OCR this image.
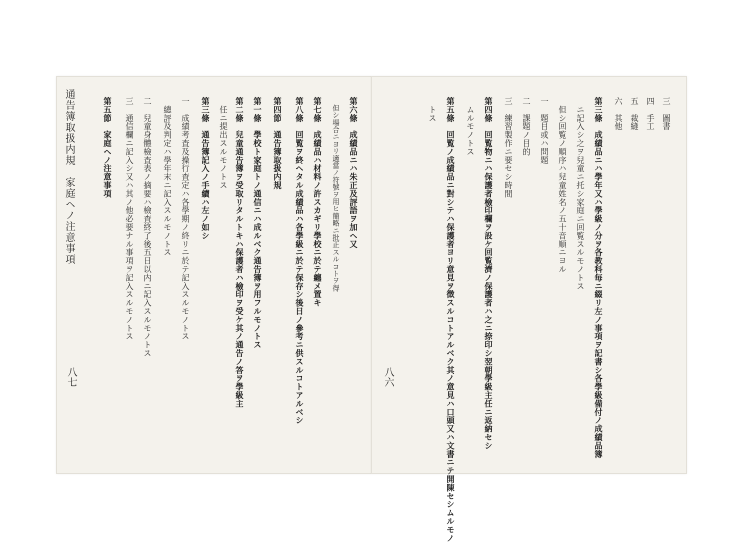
通告簿取扱内規　家庭ヘノ注意事項
八七
第六條　成績品ニハ朱正及評語ヲ加ヘ又
　但シ場合ニヨリ適當ノ符號ヲ用ヒ簡略ニ批正スルコトヲ得
第七條　成績品ハ材料ノ許スカギリ學校ニ於テ纏メ置キ
第八條　回覧ヲ終ヘタル成績品ハ各學級ニ於テ保存シ後日ノ參考ニ供スルコトアルベシ
第四節　通告簿取扱内規
第一條　學校ト家庭トノ通信ニハ成ルベク通告簿ヲ用フルモノトス
第二條　兒童通告簿ヲ受取リタルトキハ保護者ハ檢印ヲ受ケ其ノ通告ノ答ヲ學級主
　任ニ提出スルモノトス
第三條　通告簿記入ノ手續ハ左ノ如シ
一　成績考査及操行査定ハ各學期ノ終リニ於テ記入スルモノトス
　總評及判定ハ學年末ニ記入スルモノトス
二　兒童身體檢査表ノ摘要ハ檢査終了後五日以内ニ記入スルモノトス
三　通信欄ニ記入シ又ハ其ノ他必要ナル事項ヲ記入スルモノトス
第五節　家庭ヘノ注意事項
八六
三　圖書
四　手工
五　裁縫
六　其他
第三條　成績品ニハ學年又ハ學級ノ分ヲ各教科毎ニ綴リ左ノ事項ヲ記書シ各學級備付ノ成績品簿
　ニ記入シ之ヲ兒童ニ托シ家庭ニ回覧スルモノトス
　但シ回覧ノ順序ハ兒童姓名ノ五十音順ニヨル
一　題目或ハ問題
二　課題ノ目的
三　練習製作ニ要セシ時間
第四條　回覧物ニハ保護者檢印欄ヲ設ケ回覧濟ノ保護者ハ之ニ捺印シ翌朝學級主任ニ返納セシ
　ムルモノトス
第五條　回覧ノ成績品ニ對シテハ保護者ヨリ意見ヲ徴スルコトアルベク其ノ意見ハ口頭又ハ文書ニテ開陳セシムルモノ
　トス
